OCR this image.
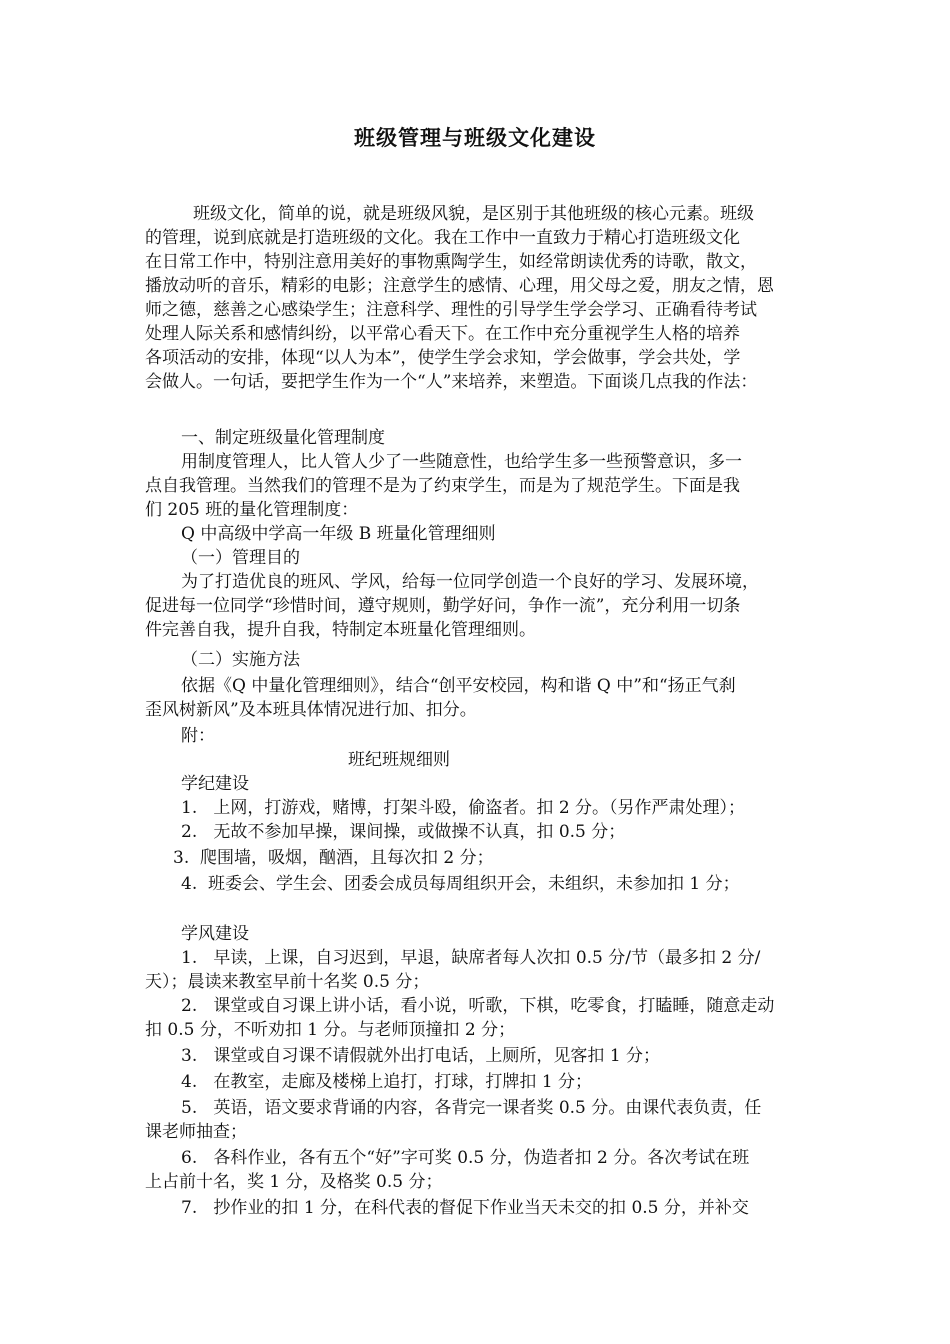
班级管理与班级文化建设
班级文化，简单的说，就是班级风貌，是区别于其他班级的核心元素。班级
的管理，说到底就是打造班级的文化。我在工作中一直致力于精心打造班级文化
在日常工作中，特别注意用美好的事物熏陶学生，如经常朗读优秀的诗歌，散文，
播放动听的音乐，精彩的电影；注意学生的感情、心理，用父母之爱，朋友之情，恩
师之德，慈善之心感染学生；注意科学、理性的引导学生学会学习、正确看待考试
处理人际关系和感情纠纷，以平常心看天下。在工作中充分重视学生人格的培养
各项活动的安排，体现“以人为本”，使学生学会求知，学会做事，学会共处，学
会做人。一句话，要把学生作为一个“人”来培养，来塑造。下面谈几点我的作法：
一、制定班级量化管理制度
用制度管理人，比人管人少了一些随意性，也给学生多一些预警意识，多一
点自我管理。当然我们的管理不是为了约束学生，而是为了规范学生。下面是我
们 205 班的量化管理制度：
Q 中高级中学高一年级 B 班量化管理细则
（一）管理目的
为了打造优良的班风、学风，给每一位同学创造一个良好的学习、发展环境，
促进每一位同学“珍惜时间，遵守规则，勤学好问，争作一流”，充分利用一切条
件完善自我，提升自我，特制定本班量化管理细则。
（二）实施方法
依据《Q 中量化管理细则》，结合“创平安校园，构和谐 Q 中”和“扬正气刹
歪风树新风”及本班具体情况进行加、扣分。
附：
班纪班规细则
学纪建设
1.   上网，打游戏，赌博，打架斗殴，偷盗者。扣 2 分。（另作严肃处理）；
2.   无故不参加早操，课间操，或做操不认真，扣 0.5 分；
3.  爬围墙，吸烟，酗酒，且每次扣 2 分；
4.  班委会、学生会、团委会成员每周组织开会，未组织，未参加扣 1 分；
学风建设
1.   早读，上课，自习迟到，早退，缺席者每人次扣 0.5 分/节（最多扣 2 分/
天）；晨读来教室早前十名奖 0.5 分；
2.   课堂或自习课上讲小话，看小说，听歌，下棋，吃零食，打瞌睡，随意走动
扣 0.5 分，不听劝扣 1 分。与老师顶撞扣 2 分；
3.   课堂或自习课不请假就外出打电话，上厕所，见客扣 1 分；
4.   在教室，走廊及楼梯上追打，打球，打牌扣 1 分；
5.   英语，语文要求背诵的内容，各背完一课者奖 0.5 分。由课代表负责，任
课老师抽查；
6.   各科作业，各有五个“好”字可奖 0.5 分，伪造者扣 2 分。各次考试在班
上占前十名，奖 1 分，及格奖 0.5 分；
7.   抄作业的扣 1 分，在科代表的督促下作业当天未交的扣 0.5 分，并补交
